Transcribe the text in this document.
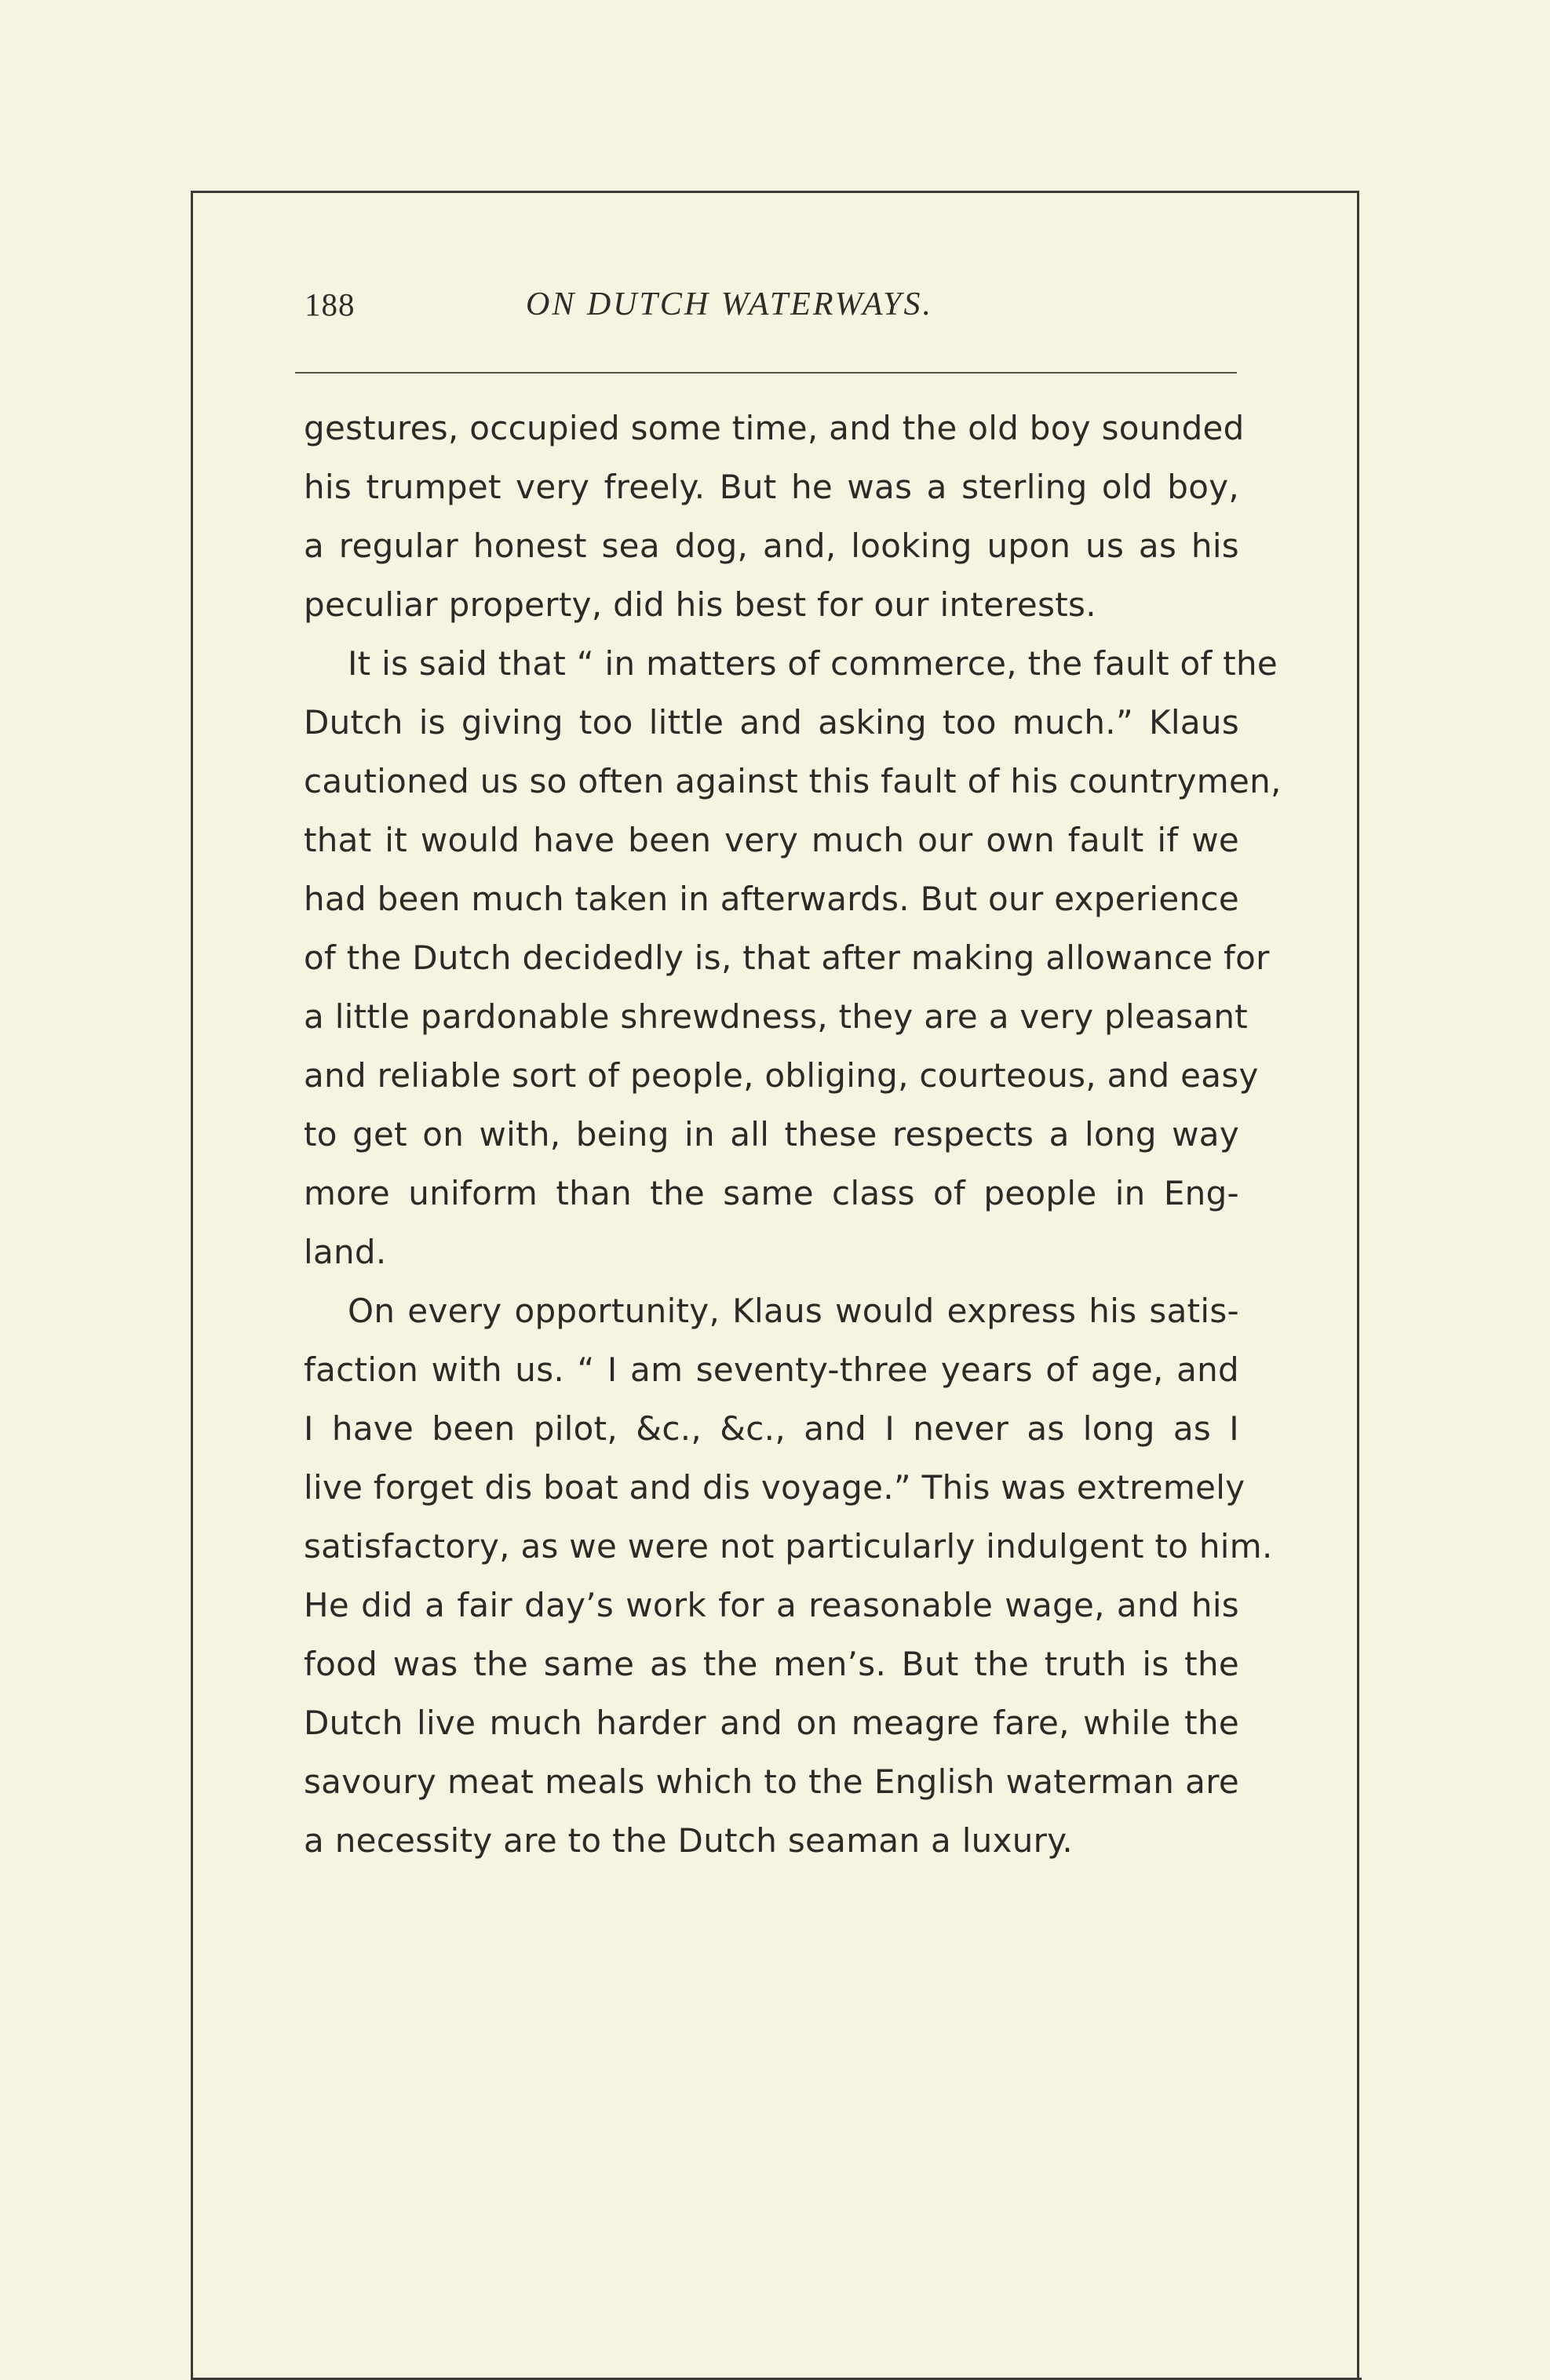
188	ON DUTCH WATERWAYS.
gestures, occupied some time, and the old boy sounded
his trumpet very freely. But he was a sterling old boy,
a regular honest sea dog, and, looking upon us as his
peculiar property, did his best for our interests.
It is said that “ in matters of commerce, the fault of the
Dutch is giving too little and asking too much.” Klaus
cautioned us so often against this fault of his countrymen,
that it would have been very much our own fault if we
had been much taken in afterwards. But our experience
of the Dutch decidedly is, that after making allowance for
a little pardonable shrewdness, they are a very pleasant
and reliable sort of people, obliging, courteous, and easy
to get on with, being in all these respects a long way
more uniform than the same class of people in Eng-
land.
On every opportunity, Klaus would express his satis-
faction with us. “ I am seventy-three years of age, and
I have been pilot, &c., &c., and I never as long as I
live forget dis boat and dis voyage.” This was extremely
satisfactory, as we were not particularly indulgent to him.
He did a fair day’s work for a reasonable wage, and his
food was the same as the men’s. But the truth is the
Dutch live much harder and on meagre fare, while the
savoury meat meals which to the English waterman are
a necessity are to the Dutch seaman a luxury.
